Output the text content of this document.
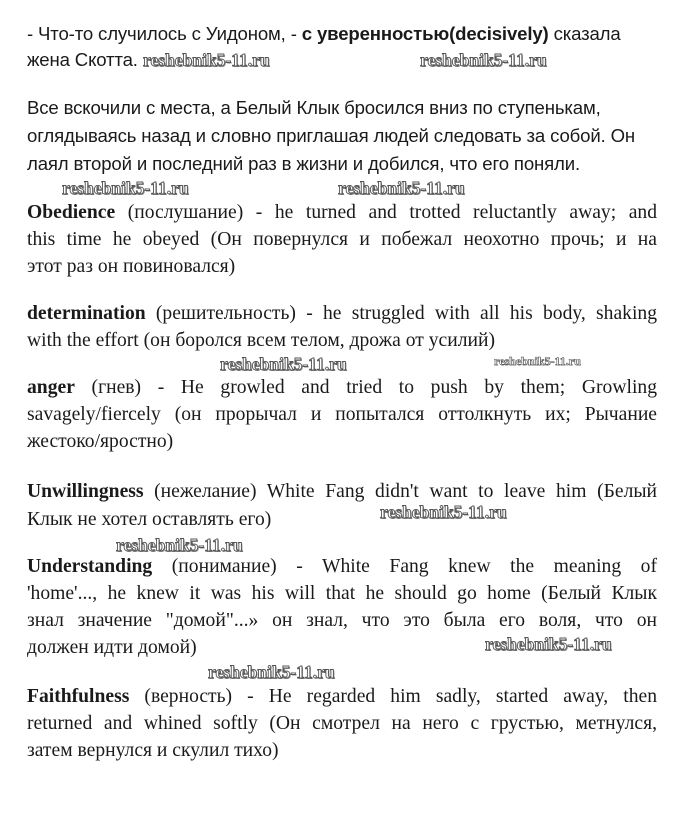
- Что-то случилось с Уидоном, - с уверенностью(decisively) сказала

жена Скотта.

Все вскочили с места, а Белый Клык бросился вниз по ступенькам,

оглядываясь назад и словно приглашая людей следовать за собой. Он

лаял второй и последний раз в жизни и добился, что его поняли.

Obedience (послушание) - he turned and trotted reluctantly away; and

this time he obeyed (Он повернулся и побежал неохотно прочь; и на

этот раз он повиновался)

determination (решительность) - he struggled with all his body, shaking

with the effort (он боролся всем телом, дрожа от усилий)

anger (гнев) - He growled and tried to push by them; Growling

savagely/fiercely (он прорычал и попытался оттолкнуть их; Рычание

жестоко/яростно)

Unwillingness (нежелание) White Fang didn't want to leave him (Белый

Клык не хотел оставлять его)

Understanding (понимание) - White Fang knew the meaning of

'home'..., he knew it was his will that he should go home (Белый Клык

знал значение "домой"...» он знал, что это была его воля, что он

должен идти домой)

Faithfulness (верность) - He regarded him sadly, started away, then

returned and whined softly (Он смотрел на него с грустью, метнулся,

затем вернулся и скулил тихо)

reshebnik5-11.ru	reshebnik5-11.ru
reshebnik5-11.ru	reshebnik5-11.ru
reshebnik5-11.ru	reshebnik5-11.ru
reshebnik5-11.ru
reshebnik5-11.ru
reshebnik5-11.ru
reshebnik5-11.ru
